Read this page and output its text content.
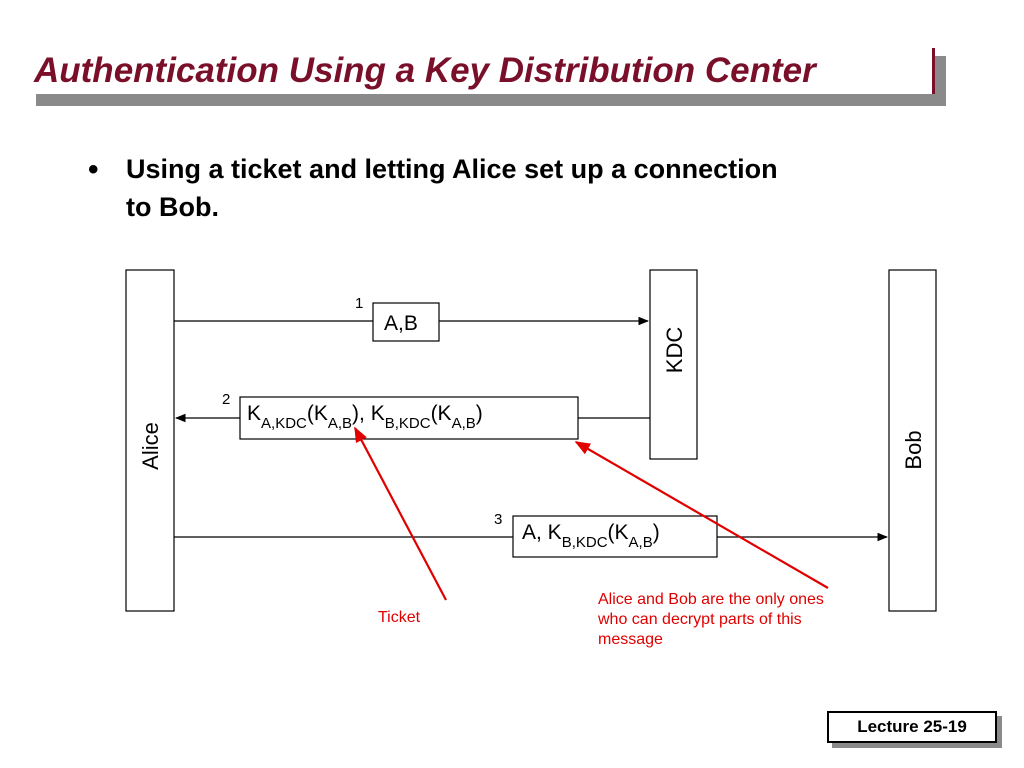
Authentication Using a Key Distribution Center
• Using a ticket and letting Alice set up a connection to Bob.
Alice
KDC
Bob
1
A,B
2
$K_{A,KDC}(K_{A,B})$, $K_{B,KDC}(K_{A,B})$
3
A, $K_{B,KDC}(K_{A,B})$
Ticket
Alice and Bob are the only ones
who can decrypt parts of this
message
Lecture 25-19
